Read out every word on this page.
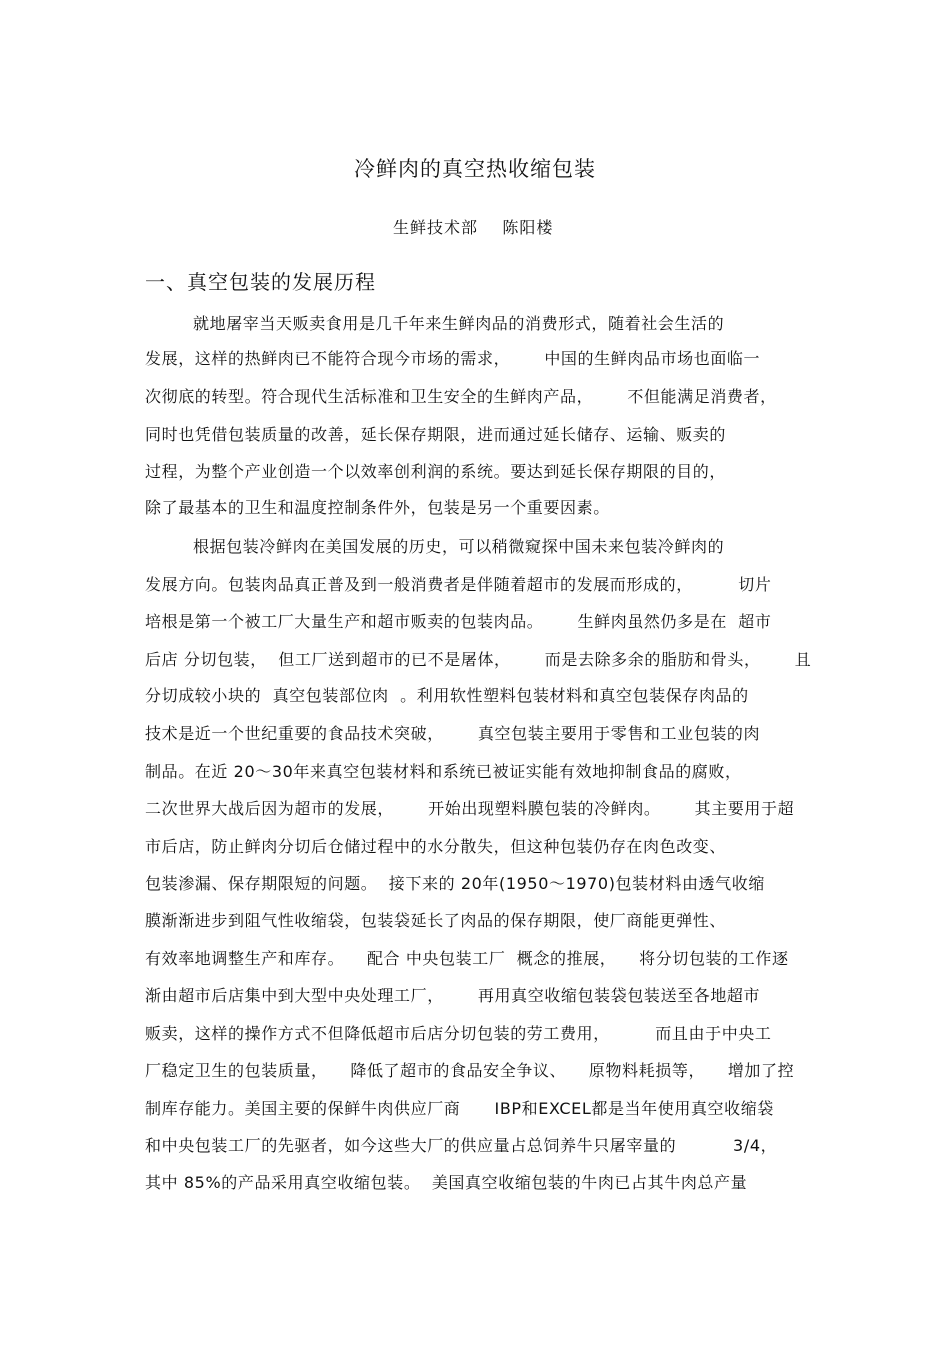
冷鲜肉的真空热收缩包装
生鲜技术部    陈阳楼
一、真空包装的发展历程
就地屠宰当天贩卖食用是几千年来生鲜肉品的消费形式，随着社会生活的
发展，这样的热鲜肉已不能符合现今市场的需求，      中国的生鲜肉品市场也面临一
次彻底的转型。符合现代生活标准和卫生安全的生鲜肉产品，      不但能满足消费者，
同时也凭借包装质量的改善，延长保存期限，进而通过延长储存、运输、贩卖的
过程，为整个产业创造一个以效率创利润的系统。要达到延长保存期限的目的，
除了最基本的卫生和温度控制条件外，包装是另一个重要因素。
根据包装冷鲜肉在美国发展的历史，可以稍微窥探中国未来包装冷鲜肉的
发展方向。包装肉品真正普及到一般消费者是伴随着超市的发展而形成的，        切片
培根是第一个被工厂大量生产和超市贩卖的包装肉品。      生鲜肉虽然仍多是在  超市
后店 分切包装，  但工厂送到超市的已不是屠体，      而是去除多余的脂肪和骨头，      且
分切成较小块的  真空包装部位肉  。利用软性塑料包装材料和真空包装保存肉品的
技术是近一个世纪重要的食品技术突破，      真空包装主要用于零售和工业包装的肉
制品。在近 20～30年来真空包装材料和系统已被证实能有效地抑制食品的腐败，
二次世界大战后因为超市的发展，      开始出现塑料膜包装的冷鲜肉。      其主要用于超
市后店，防止鲜肉分切后仓储过程中的水分散失，但这种包装仍存在肉色改变、
包装渗漏、保存期限短的问题。  接下来的 20年(1950～1970)包装材料由透气收缩
膜渐渐进步到阻气性收缩袋，包装袋延长了肉品的保存期限，使厂商能更弹性、
有效率地调整生产和库存。    配合 中央包装工厂  概念的推展，    将分切包装的工作逐
渐由超市后店集中到大型中央处理工厂，      再用真空收缩包装袋包装送至各地超市
贩卖，这样的操作方式不但降低超市后店分切包装的劳工费用，        而且由于中央工
厂稳定卫生的包装质量，    降低了超市的食品安全争议、    原物料耗损等，    增加了控
制库存能力。美国主要的保鲜牛肉供应厂商      IBP和EXCEL都是当年使用真空收缩袋
和中央包装工厂的先驱者，如今这些大厂的供应量占总饲养牛只屠宰量的          3/4，
其中 85%的产品采用真空收缩包装。  美国真空收缩包装的牛肉已占其牛肉总产量
